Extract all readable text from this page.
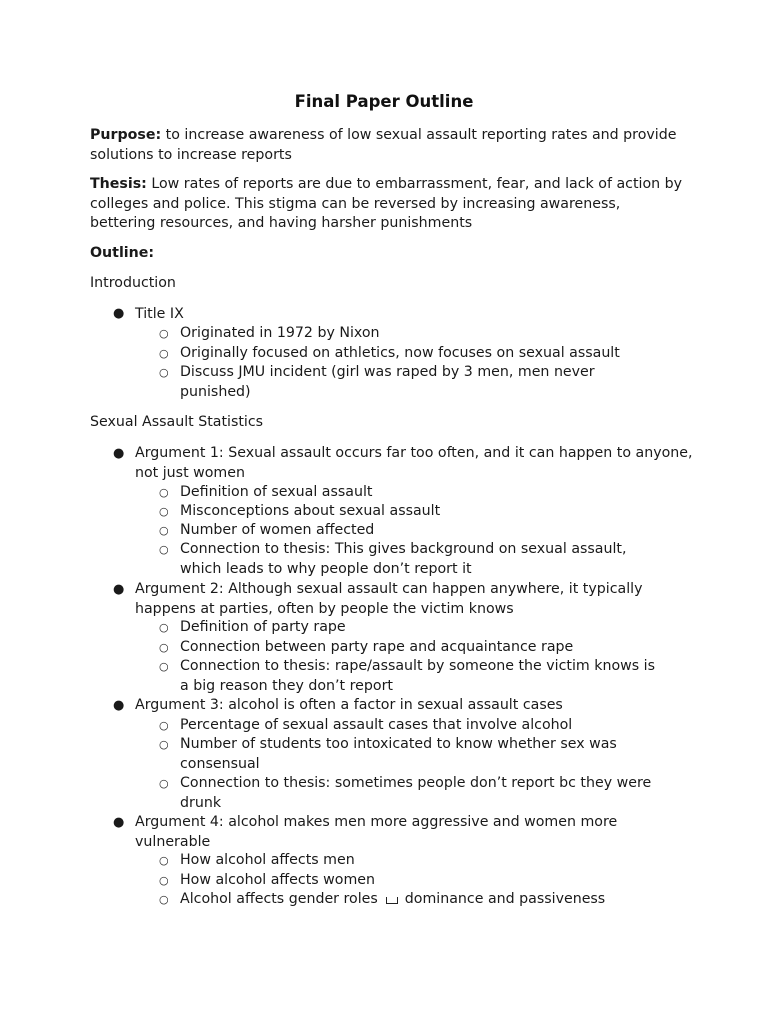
Final Paper Outline
Purpose: to increase awareness of low sexual assault reporting rates and provide solutions to increase reports
Thesis: Low rates of reports are due to embarrassment, fear, and lack of action by colleges and police. This stigma can be reversed by increasing awareness, bettering resources, and having harsher punishments
Outline:
Introduction
● Title IX
○ Originated in 1972 by Nixon
○ Originally focused on athletics, now focuses on sexual assault
○ Discuss JMU incident (girl was raped by 3 men, men never punished)
Sexual Assault Statistics
● Argument 1: Sexual assault occurs far too often, and it can happen to anyone, not just women
○ Definition of sexual assault
○ Misconceptions about sexual assault
○ Number of women affected
○ Connection to thesis: This gives background on sexual assault, which leads to why people don’t report it
● Argument 2: Although sexual assault can happen anywhere, it typically happens at parties, often by people the victim knows
○ Definition of party rape
○ Connection between party rape and acquaintance rape
○ Connection to thesis: rape/assault by someone the victim knows is a big reason they don’t report
● Argument 3: alcohol is often a factor in sexual assault cases
○ Percentage of sexual assault cases that involve alcohol
○ Number of students too intoxicated to know whether sex was consensual
○ Connection to thesis: sometimes people don’t report bc they were drunk
● Argument 4: alcohol makes men more aggressive and women more vulnerable
○ How alcohol affects men
○ How alcohol affects women
○ Alcohol affects gender roles dominance and passiveness
